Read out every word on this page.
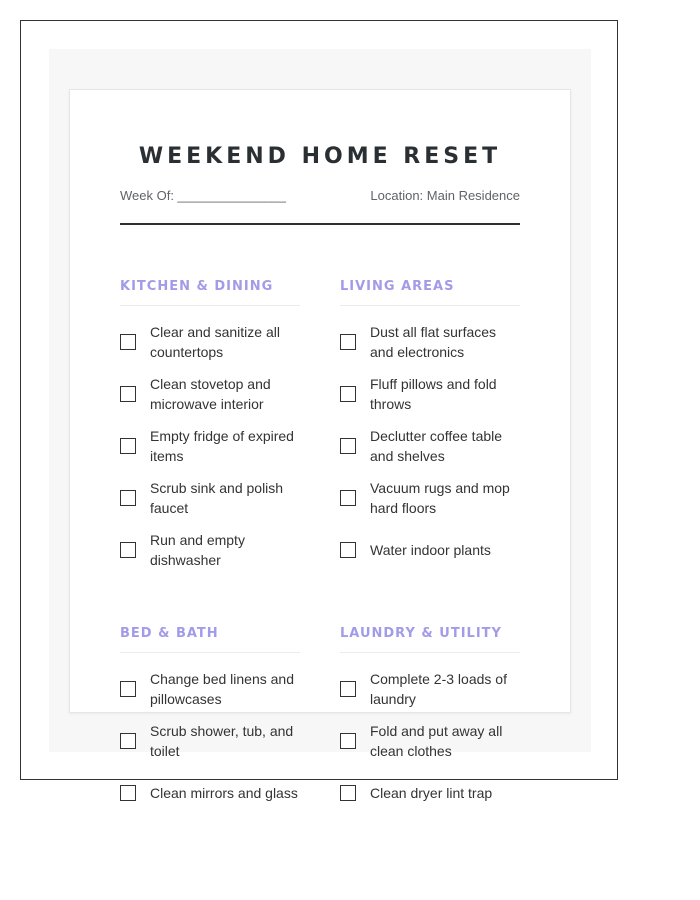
WEEKEND HOME RESET
Week Of: _______________	Location: Main Residence
KITCHEN & DINING
Clear and sanitize all countertops
Clean stovetop and microwave interior
Empty fridge of expired items
Scrub sink and polish faucet
Run and empty dishwasher
LIVING AREAS
Dust all flat surfaces and electronics
Fluff pillows and fold throws
Declutter coffee table and shelves
Vacuum rugs and mop hard floors
Water indoor plants
BED & BATH
Change bed linens and pillowcases
Scrub shower, tub, and toilet
Clean mirrors and glass
LAUNDRY & UTILITY
Complete 2-3 loads of laundry
Fold and put away all clean clothes
Clean dryer lint trap
